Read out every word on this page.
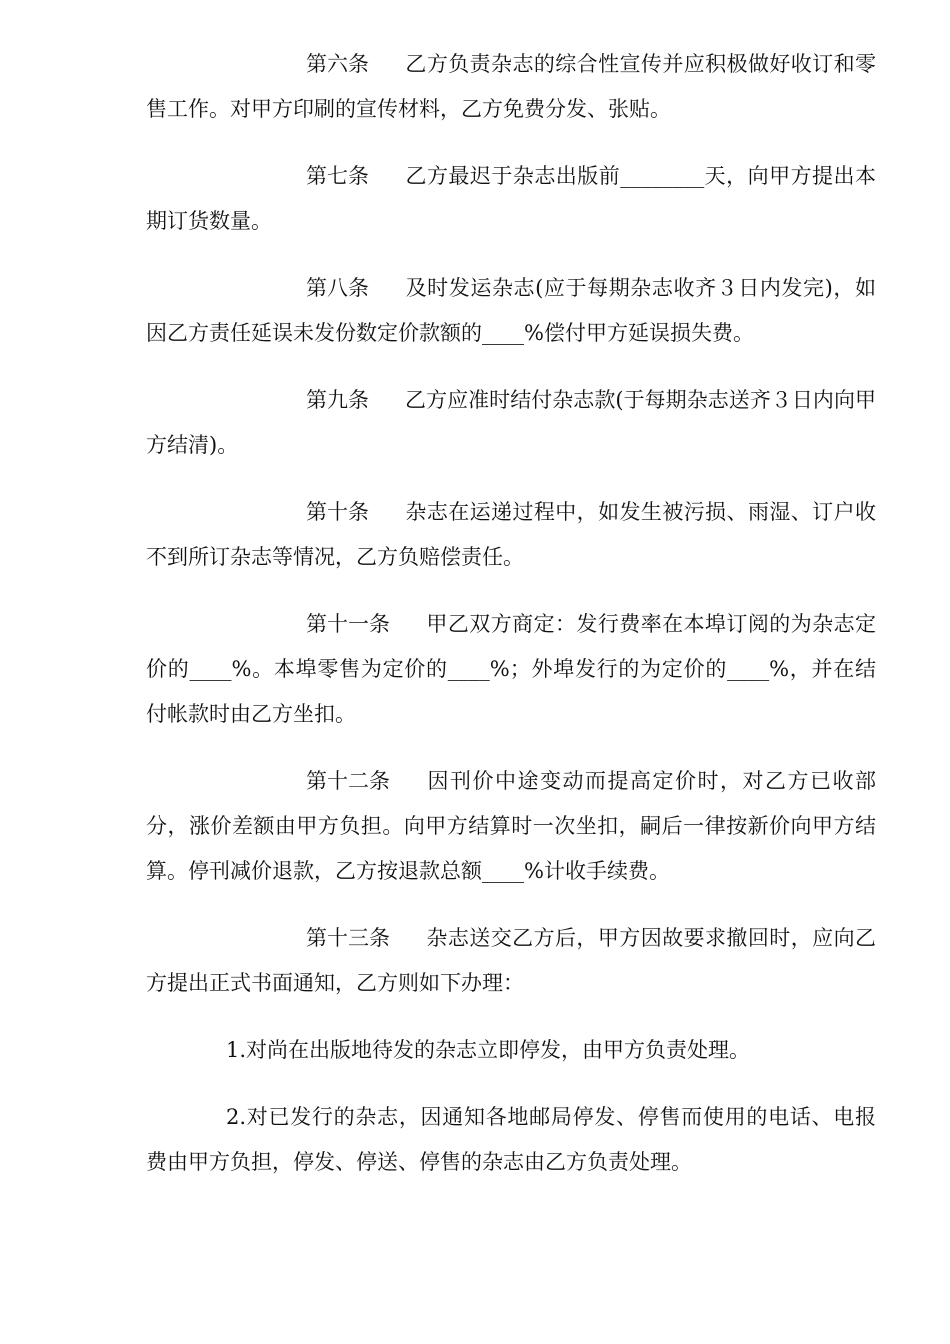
第六条 乙方负责杂志的综合性宣传并应积极做好收订和零售工作。对甲方印刷的宣传材料，乙方免费分发、张贴。

第七条 乙方最迟于杂志出版前________天，向甲方提出本期订货数量。

第八条 及时发运杂志(应于每期杂志收齐３日内发完)，如因乙方责任延误未发份数定价款额的____%偿付甲方延误损失费。

第九条 乙方应准时结付杂志款(于每期杂志送齐３日内向甲方结清)。

第十条 杂志在运递过程中，如发生被污损、雨湿、订户收不到所订杂志等情况，乙方负赔偿责任。

第十一条 甲乙双方商定：发行费率在本埠订阅的为杂志定价的____%。本埠零售为定价的____%；外埠发行的为定价的____%，并在结付帐款时由乙方坐扣。

第十二条 因刊价中途变动而提高定价时，对乙方已收部分，涨价差额由甲方负担。向甲方结算时一次坐扣，嗣后一律按新价向甲方结算。停刊减价退款，乙方按退款总额____%计收手续费。

第十三条 杂志送交乙方后，甲方因故要求撤回时，应向乙方提出正式书面通知，乙方则如下办理：

1.对尚在出版地待发的杂志立即停发，由甲方负责处理。

2.对已发行的杂志，因通知各地邮局停发、停售而使用的电话、电报费由甲方负担，停发、停送、停售的杂志由乙方负责处理。
